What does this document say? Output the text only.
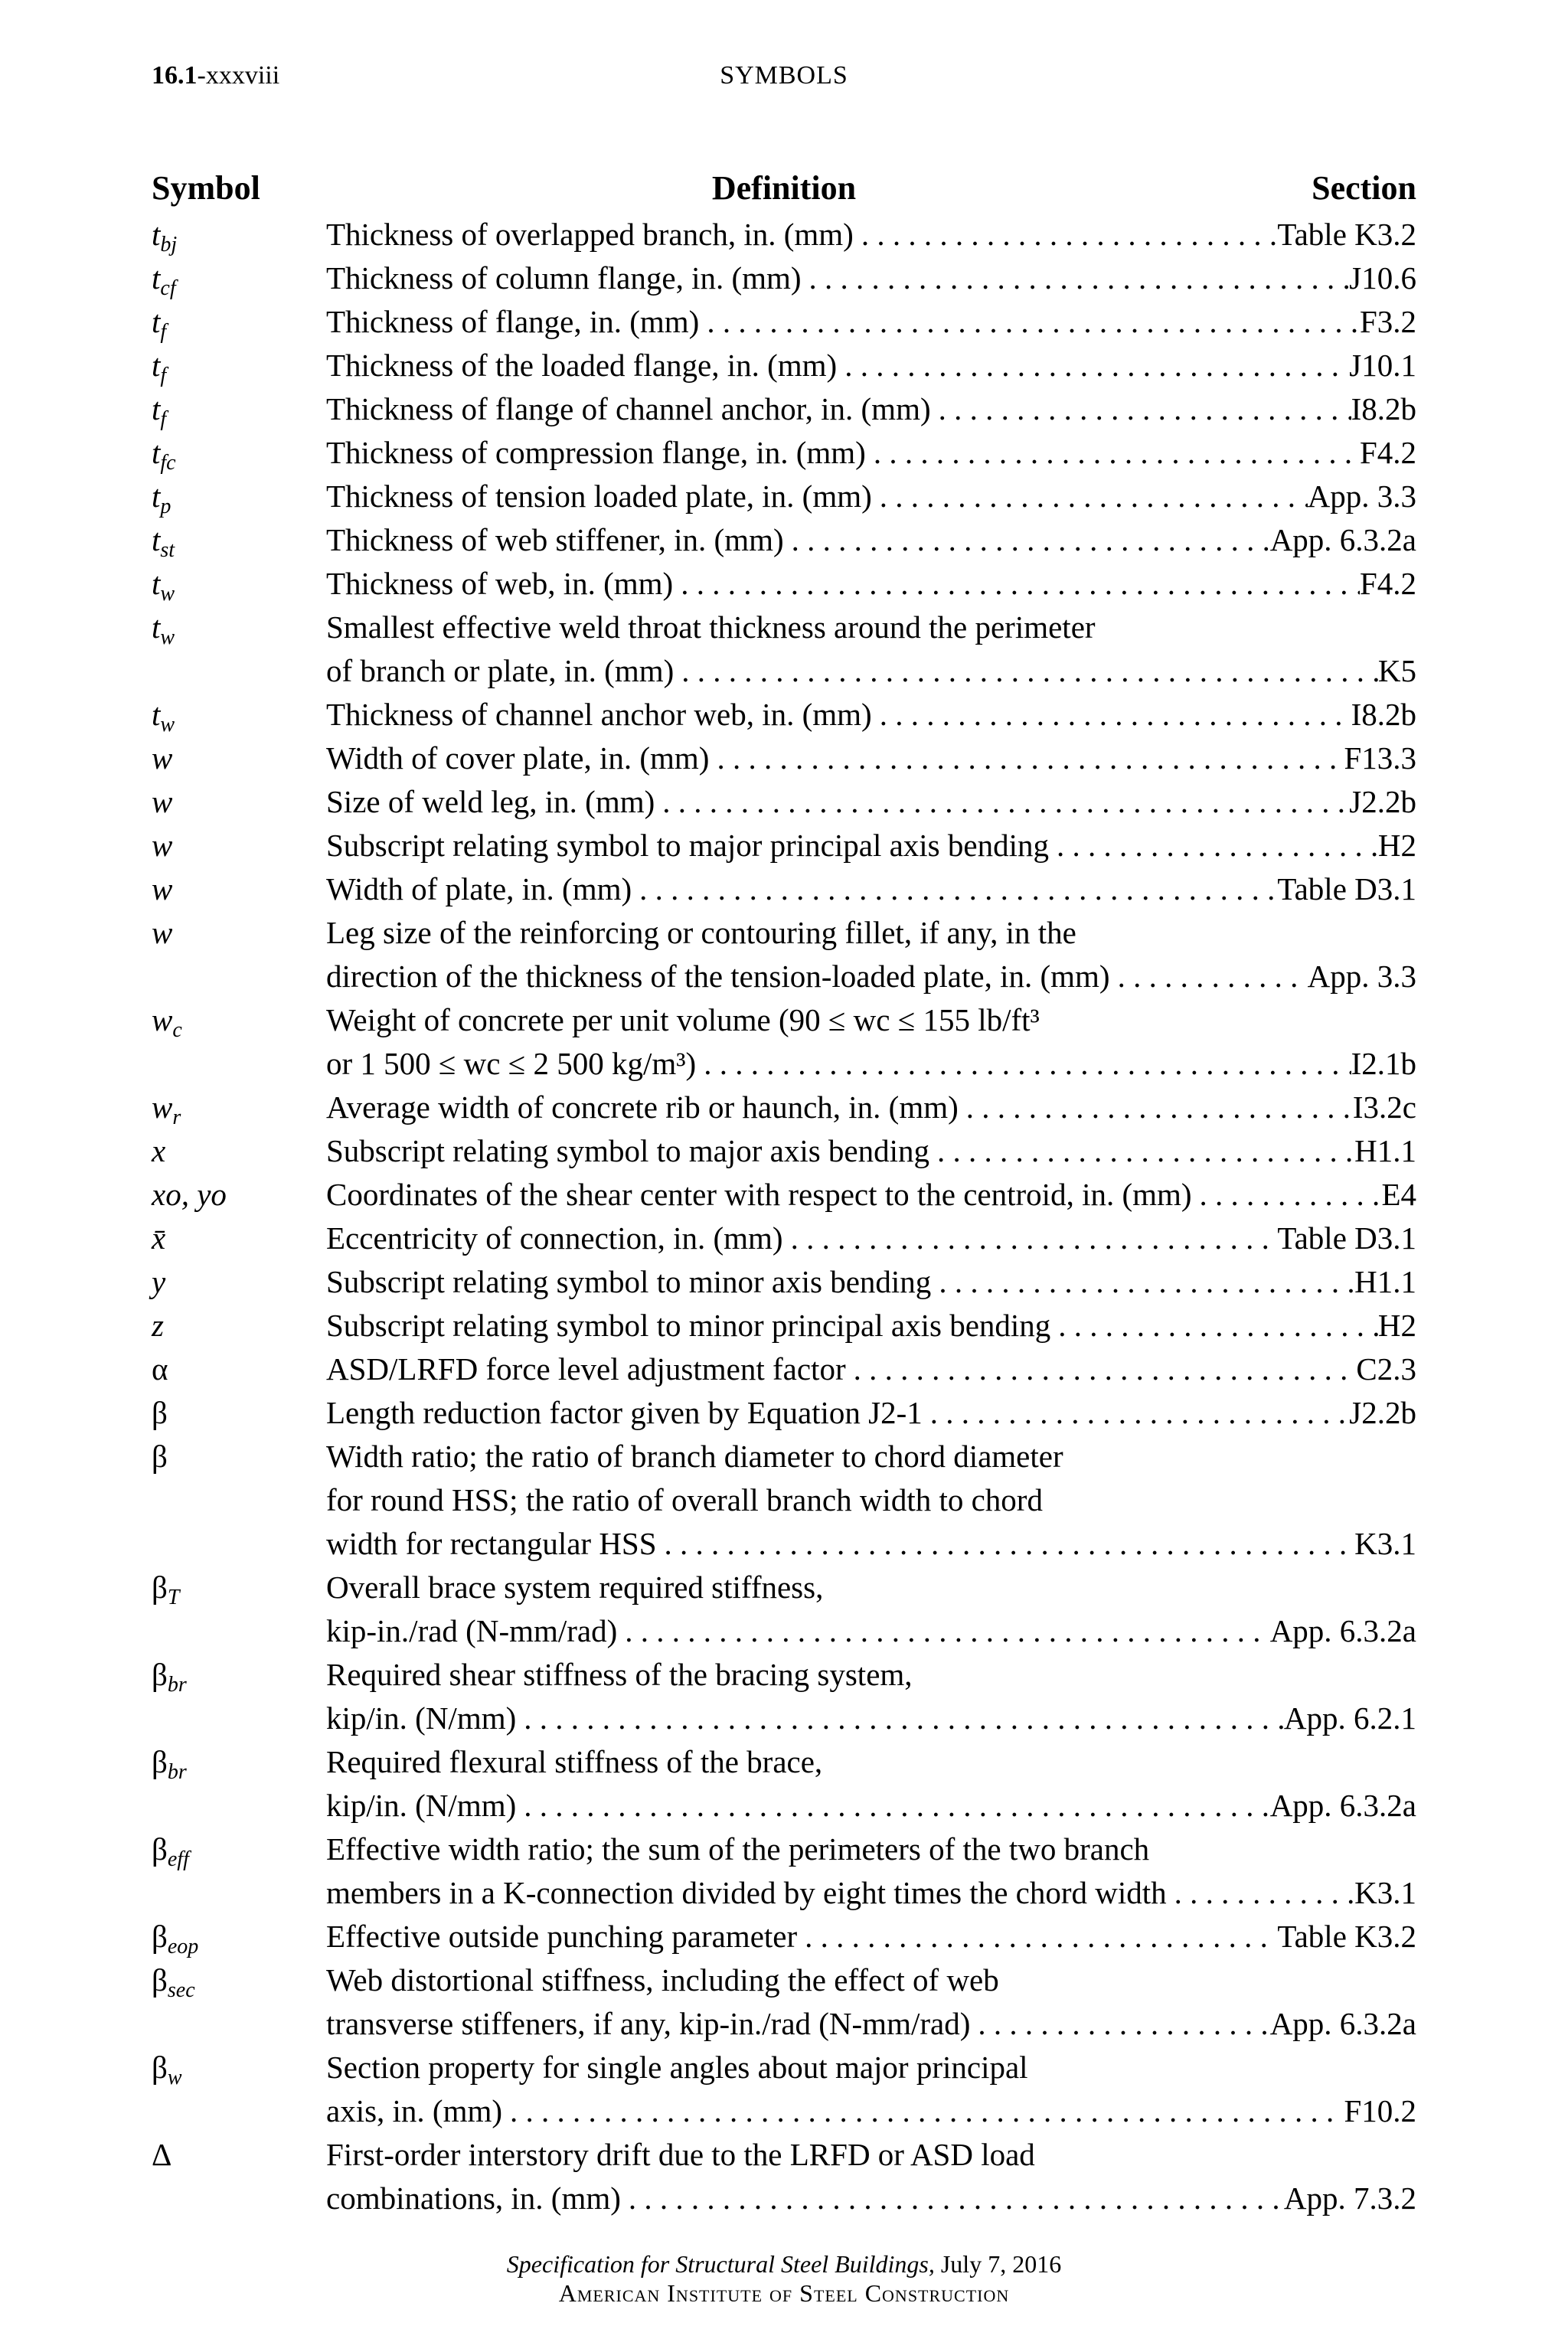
16.1-xxxviii	SYMBOLS
Symbol	Definition	Section
$t_{bj}$	Thickness of overlapped branch, in. (mm) . . .	Table K3.2
$t_{cf}$	Thickness of column flange, in. (mm) . . .	J10.6
$t_f$	Thickness of flange, in. (mm) . . .	F3.2
$t_f$	Thickness of the loaded flange, in. (mm) . . .	J10.1
$t_f$	Thickness of flange of channel anchor, in. (mm) . . .	I8.2b
$t_{fc}$	Thickness of compression flange, in. (mm) . . .	F4.2
$t_p$	Thickness of tension loaded plate, in. (mm) . . .	App. 3.3
$t_{st}$	Thickness of web stiffener, in. (mm) . . .	App. 6.3.2a
$t_w$	Thickness of web, in. (mm) . . .	F4.2
$t_w$	Smallest effective weld throat thickness around the perimeter
of branch or plate, in. (mm) . . .	K5
$t_w$	Thickness of channel anchor web, in. (mm) . . .	I8.2b
w	Width of cover plate, in. (mm) . . .	F13.3
w	Size of weld leg, in. (mm) . . .	J2.2b
w	Subscript relating symbol to major principal axis bending . . .	H2
w	Width of plate, in. (mm) . . .	Table D3.1
w	Leg size of the reinforcing or contouring fillet, if any, in the
direction of the thickness of the tension-loaded plate, in. (mm) . . .	App. 3.3
$w_c$	Weight of concrete per unit volume (90 ≤ wc ≤ 155 lb/ft³
or 1 500 ≤ wc ≤ 2 500 kg/m³) . . .	I2.1b
$w_r$	Average width of concrete rib or haunch, in. (mm) . . .	I3.2c
x	Subscript relating symbol to major axis bending . . .	H1.1
xo, yo	Coordinates of the shear center with respect to the centroid, in. (mm) . . .	E4
x̄	Eccentricity of connection, in. (mm) . . .	Table D3.1
y	Subscript relating symbol to minor axis bending . . .	H1.1
z	Subscript relating symbol to minor principal axis bending . . .	H2
α	ASD/LRFD force level adjustment factor . . .	C2.3
β	Length reduction factor given by Equation J2-1 . . .	J2.2b
β	Width ratio; the ratio of branch diameter to chord diameter
for round HSS; the ratio of overall branch width to chord
width for rectangular HSS . . .	K3.1
$\beta_T$	Overall brace system required stiffness,
kip-in./rad (N-mm/rad) . . .	App. 6.3.2a
$\beta_{br}$	Required shear stiffness of the bracing system,
kip/in. (N/mm) . . .	App. 6.2.1
$\beta_{br}$	Required flexural stiffness of the brace,
kip/in. (N/mm) . . .	App. 6.3.2a
$\beta_{eff}$	Effective width ratio; the sum of the perimeters of the two branch
members in a K-connection divided by eight times the chord width . . .	K3.1
$\beta_{eop}$	Effective outside punching parameter . . .	Table K3.2
$\beta_{sec}$	Web distortional stiffness, including the effect of web
transverse stiffeners, if any, kip-in./rad (N-mm/rad) . . .	App. 6.3.2a
$\beta_w$	Section property for single angles about major principal
axis, in. (mm) . . .	F10.2
Δ	First-order interstory drift due to the LRFD or ASD load
combinations, in. (mm) . . .	App. 7.3.2
Specification for Structural Steel Buildings, July 7, 2016
American Institute of Steel Construction
